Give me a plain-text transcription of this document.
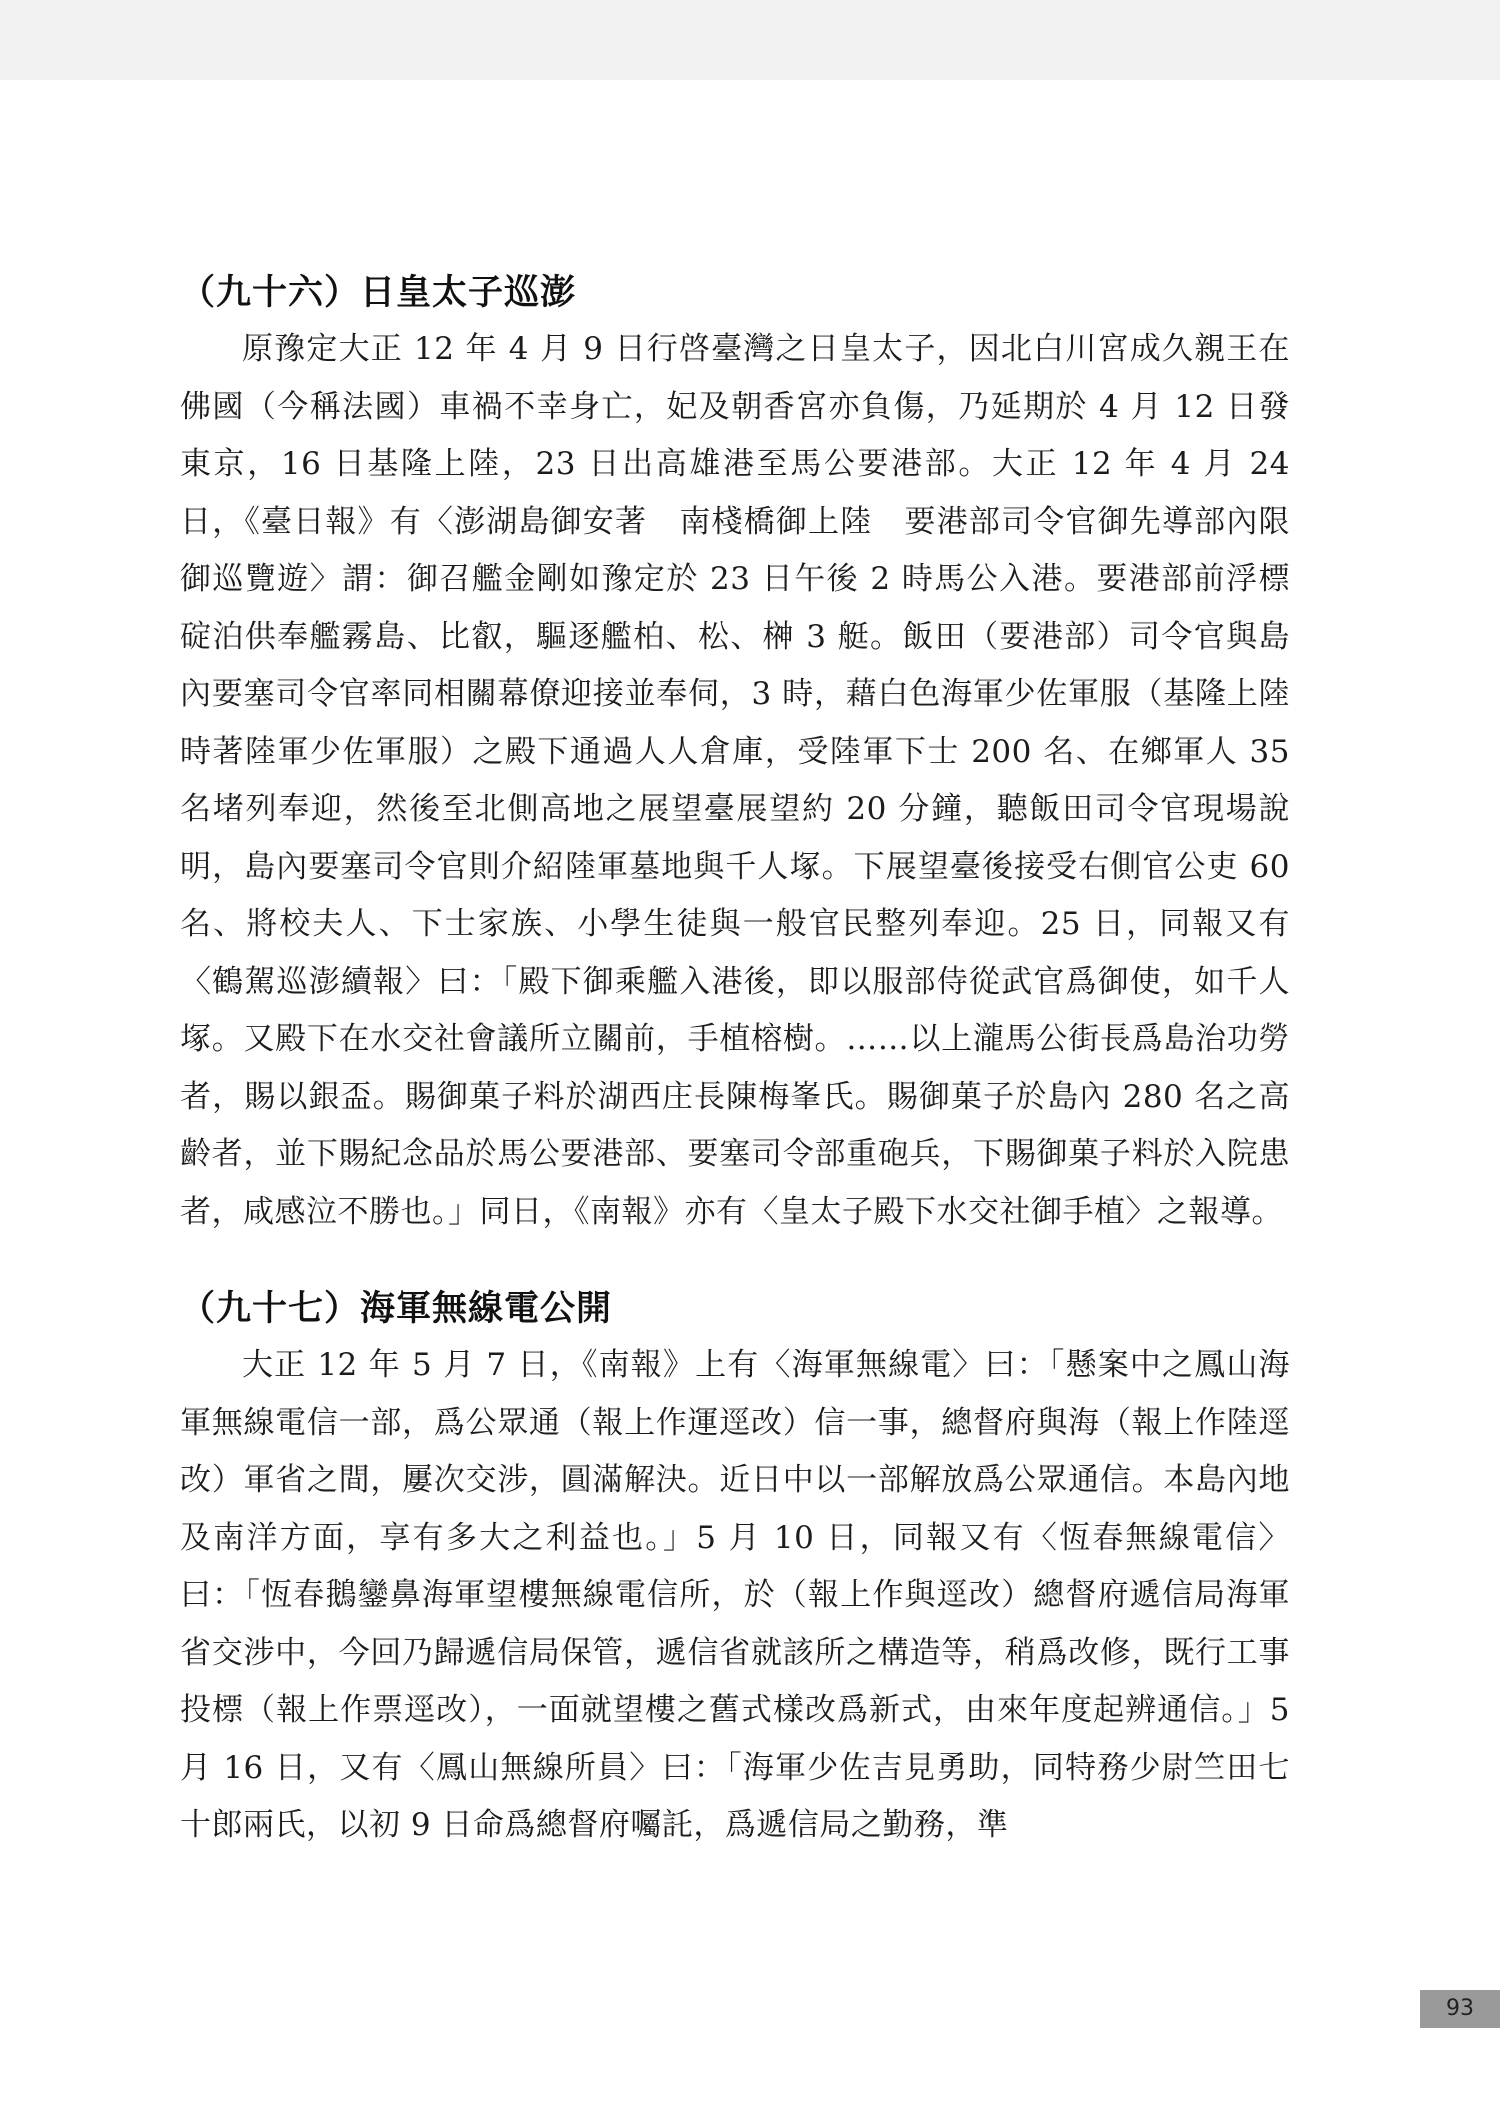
（九十六）日皇太子巡澎

原豫定大正 12 年 4 月 9 日行啓臺灣之日皇太子，因北白川宮成久親王在佛國（今稱法國）車禍不幸身亡，妃及朝香宮亦負傷，乃延期於 4 月 12 日發東京，16 日基隆上陸，23 日出高雄港至馬公要港部。大正 12 年 4 月 24 日，《臺日報》有〈澎湖島御安著　南棧橋御上陸　要港部司令官御先導部內限御巡覽遊〉謂：御召艦金剛如豫定於 23 日午後 2 時馬公入港。要港部前浮標碇泊供奉艦霧島、比叡，驅逐艦柏、松、榊 3 艇。飯田（要港部）司令官與島內要塞司令官率同相關幕僚迎接並奉伺，3 時，藉白色海軍少佐軍服（基隆上陸時著陸軍少佐軍服）之殿下通過人人倉庫，受陸軍下士 200 名、在鄉軍人 35 名堵列奉迎，然後至北側高地之展望臺展望約 20 分鐘，聽飯田司令官現場說明，島內要塞司令官則介紹陸軍墓地與千人塚。下展望臺後接受右側官公吏 60 名、將校夫人、下士家族、小學生徒與一般官民整列奉迎。25 日，同報又有〈鶴駕巡澎續報〉曰：「殿下御乘艦入港後，即以服部侍從武官爲御使，如千人塚。又殿下在水交社會議所立關前，手植榕樹。……以上瀧馬公街長爲島治功勞者，賜以銀盃。賜御菓子料於湖西庄長陳梅峯氏。賜御菓子於島內 280 名之高齡者，並下賜紀念品於馬公要港部、要塞司令部重砲兵，下賜御菓子料於入院患者，咸感泣不勝也。」同日，《南報》亦有〈皇太子殿下水交社御手植〉之報導。

（九十七）海軍無線電公開

大正 12 年 5 月 7 日，《南報》上有〈海軍無線電〉曰：「懸案中之鳳山海軍無線電信一部，爲公眾通（報上作運逕改）信一事，總督府與海（報上作陸逕改）軍省之間，屢次交涉，圓滿解決。近日中以一部解放爲公眾通信。本島內地及南洋方面，享有多大之利益也。」5 月 10 日，同報又有〈恆春無線電信〉曰：「恆春鵝鑾鼻海軍望樓無線電信所，於（報上作與逕改）總督府遞信局海軍省交涉中，今回乃歸遞信局保管，遞信省就該所之構造等，稍爲改修，既行工事投標（報上作票逕改），一面就望樓之舊式樣改爲新式，由來年度起辨通信。」5 月 16 日，又有〈鳳山無線所員〉曰：「海軍少佐吉見勇助，同特務少尉竺田七十郎兩氏，以初 9 日命爲總督府囑託，爲遞信局之勤務，準

93
